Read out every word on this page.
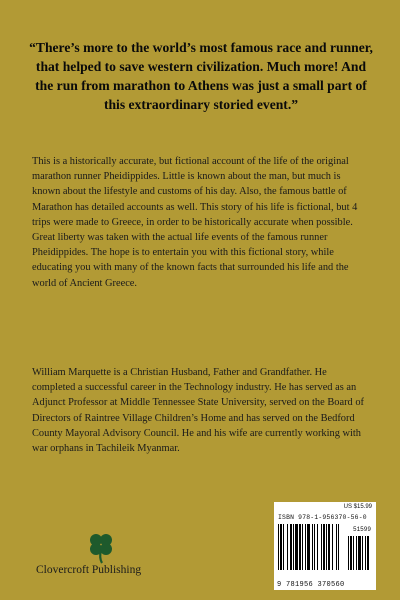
“There’s more to the world’s most famous race and runner, that helped to save western civilization. Much more! And the run from marathon to Athens was just a small part of this extraordinary storied event.”
This is a historically accurate, but fictional account of the life of the original marathon runner Pheidippides. Little is known about the man, but much is known about the lifestyle and customs of his day. Also, the famous battle of Marathon has detailed accounts as well. This story of his life is fictional, but 4 trips were made to Greece, in order to be historically accurate when possible. Great liberty was taken with the actual life events of the famous runner Pheidippides. The hope is to entertain you with this fictional story, while educating you with many of the known facts that surrounded his life and the world of Ancient Greece.
William Marquette is a Christian Husband, Father and Grandfather. He completed a successful career in the Technology industry. He has served as an Adjunct Professor at Middle Tennessee State University, served on the Board of Directors of Raintree Village Children’s Home and has served on the Bedford County Mayoral Advisory Council. He and his wife are currently working with war orphans in Tachileik Myanmar.
Clovercroft Publishing
US $15.99
ISBN 978-1-956370-56-0
51599
9 781956 370560
